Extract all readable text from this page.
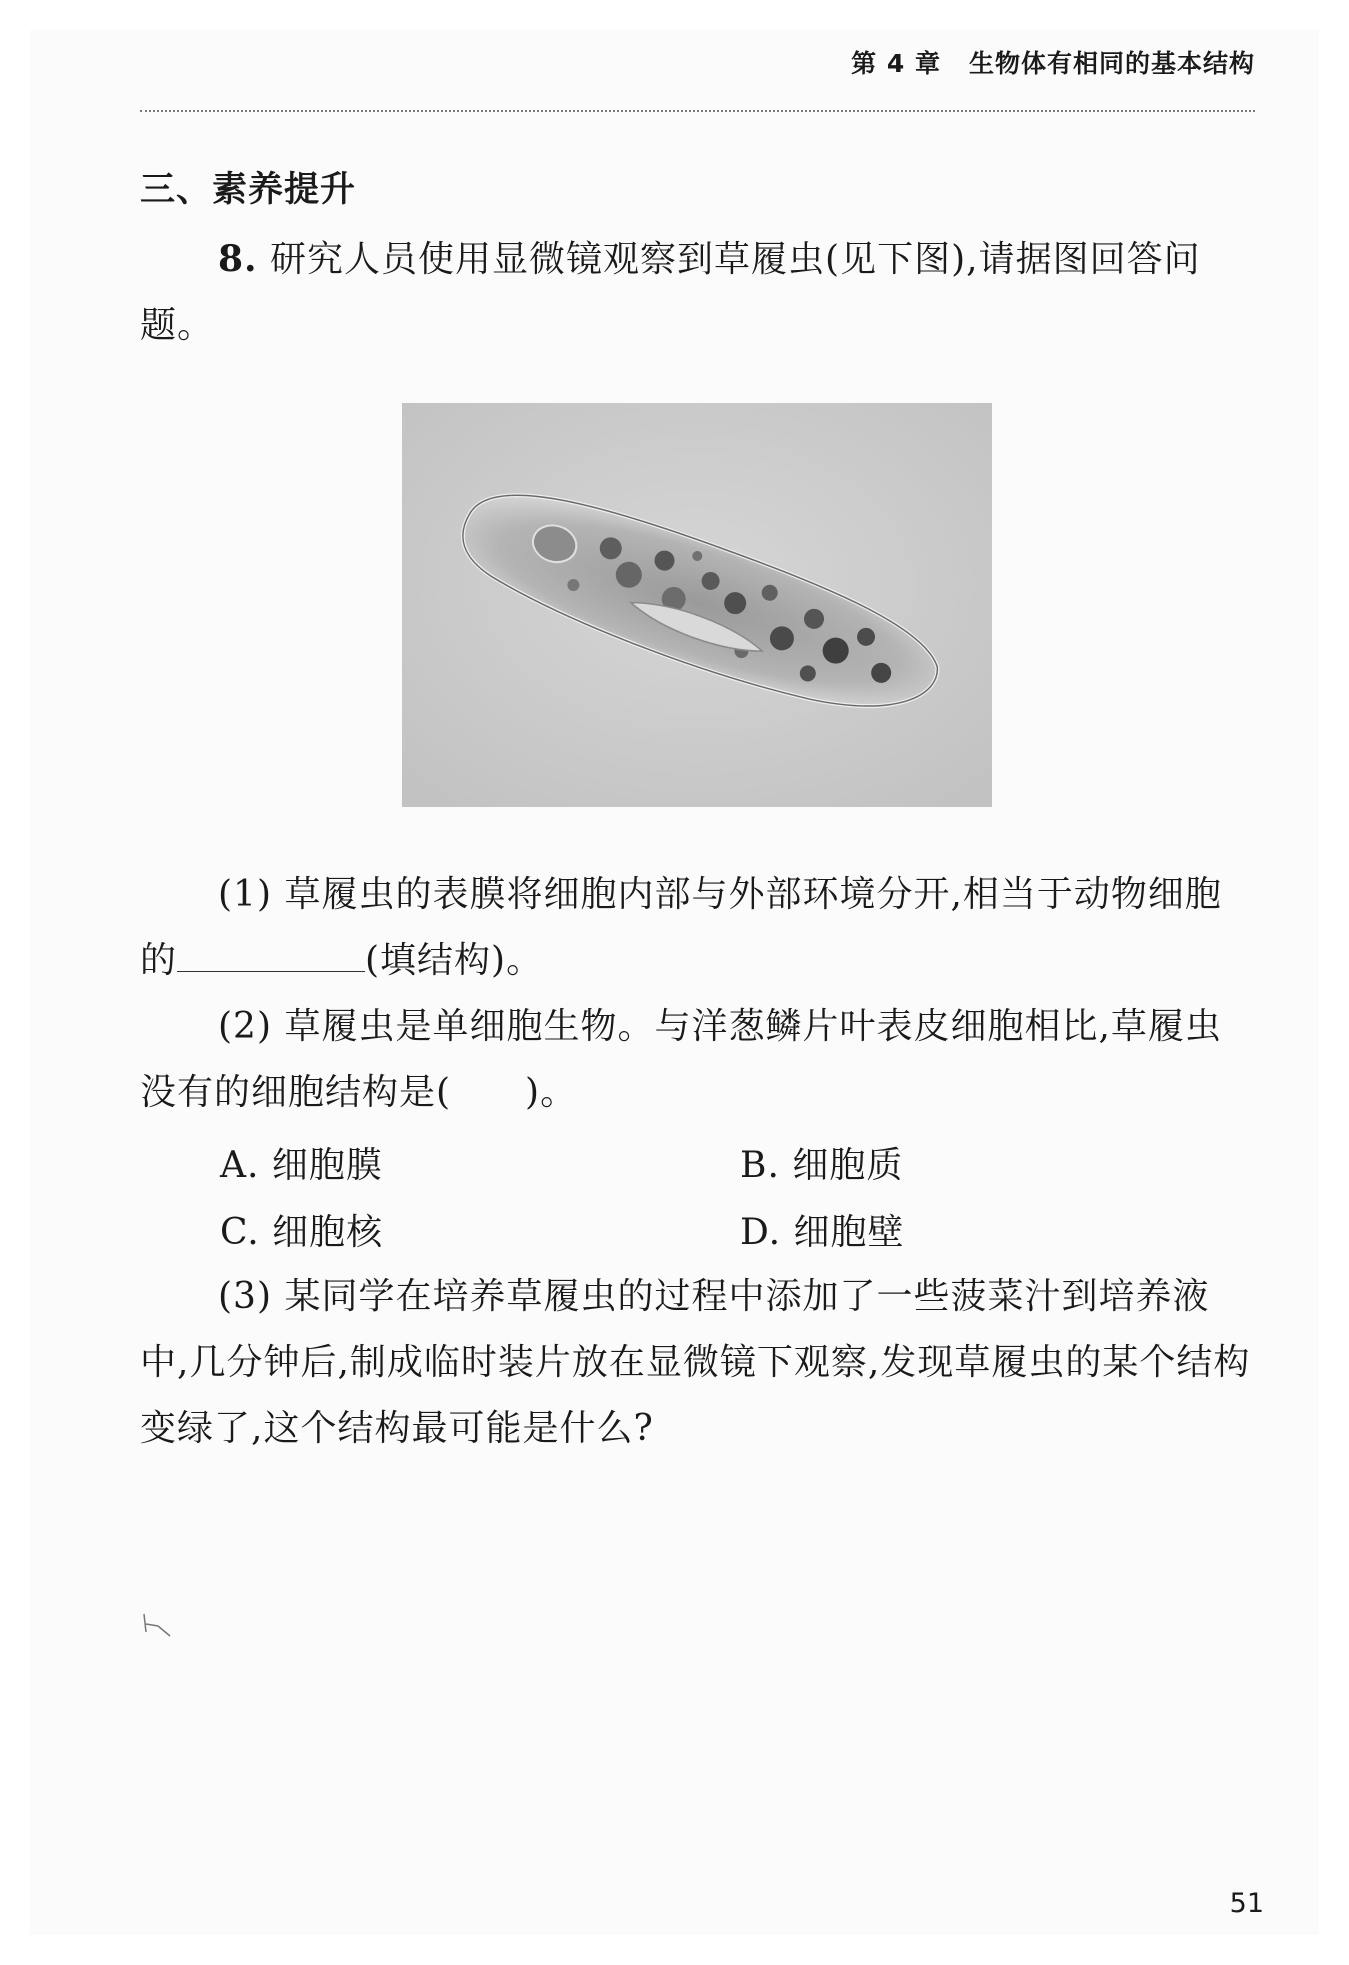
第 4 章 生物体有相同的基本结构
三、素养提升
8. 研究人员使用显微镜观察到草履虫(见下图),请据图回答问题。
(1) 草履虫的表膜将细胞内部与外部环境分开,相当于动物细胞的	(填结构)。
(2) 草履虫是单细胞生物。与洋葱鳞片叶表皮细胞相比,草履虫没有的细胞结构是(　　)。
A. 细胞膜	B. 细胞质
C. 细胞核	D. 细胞壁
(3) 某同学在培养草履虫的过程中添加了一些菠菜汁到培养液中,几分钟后,制成临时装片放在显微镜下观察,发现草履虫的某个结构变绿了,这个结构最可能是什么?
51
